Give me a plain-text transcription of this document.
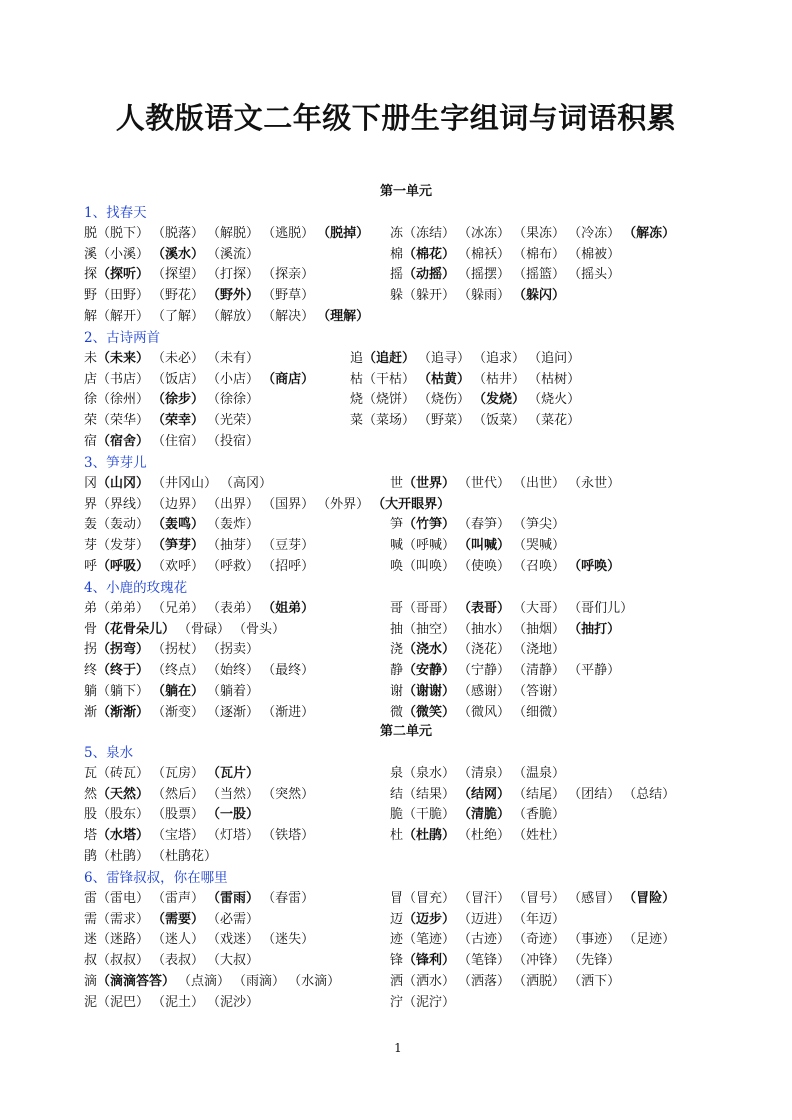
人教版语文二年级下册生字组词与词语积累
第一单元
1、找春天
脱（脱下） （脱落） （解脱） （逃脱） （脱掉） 冻（冻结） （冰冻） （果冻） （冷冻） （解冻）
溪（小溪） （溪水） （溪流）	棉（棉花） （棉袄） （棉布） （棉被）
探（探听） （探望） （打探） （探亲）	摇（动摇） （摇摆） （摇篮） （摇头）
野（田野） （野花） （野外） （野草）	躲（躲开） （躲雨） （躲闪）
解（解开） （了解） （解放） （解决） （理解）
2、古诗两首
未（未来） （未必） （未有）	追（追赶） （追寻） （追求） （追问）
店（书店） （饭店） （小店） （商店）	枯（干枯） （枯黄） （枯井） （枯树）
徐（徐州） （徐步） （徐徐）	烧（烧饼） （烧伤） （发烧） （烧火）
荣（荣华） （荣幸） （光荣）	菜（菜场） （野菜） （饭菜） （菜花）
宿（宿舍） （住宿） （投宿）
3、笋芽儿
冈（山冈） （井冈山） （高冈）	世（世界） （世代） （出世） （永世）
界（界线） （边界） （出界） （国界） （外界） （大开眼界）
轰（轰动） （轰鸣） （轰炸）	笋（竹笋） （春笋） （笋尖）
芽（发芽） （笋芽） （抽芽） （豆芽）	喊（呼喊） （叫喊） （哭喊）
呼（呼吸） （欢呼） （呼救） （招呼）	唤（叫唤） （使唤） （召唤） （呼唤）
4、小鹿的玫瑰花
弟（弟弟） （兄弟） （表弟） （姐弟）	哥（哥哥） （表哥） （大哥） （哥们儿）
骨（花骨朵儿） （骨碌） （骨头）	抽（抽空） （抽水） （抽烟） （抽打）
拐（拐弯） （拐杖） （拐卖）	浇（浇水） （浇花） （浇地）
终（终于） （终点） （始终） （最终）	静（安静） （宁静） （清静） （平静）
躺（躺下） （躺在） （躺着）	谢（谢谢） （感谢） （答谢）
渐（渐渐） （渐变） （逐渐） （渐进）	微（微笑） （微风） （细微）
第二单元
5、泉水
瓦（砖瓦） （瓦房） （瓦片）	泉（泉水） （清泉） （温泉）
然（天然） （然后） （当然） （突然）	结（结果） （结网） （结尾） （团结） （总结）
股（股东） （股票） （一股）	脆（干脆） （清脆） （香脆）
塔（水塔） （宝塔） （灯塔） （铁塔）	杜（杜鹃） （杜绝） （姓杜）
鹃（杜鹃） （杜鹃花）
6、雷锋叔叔，你在哪里
雷（雷电） （雷声） （雷雨） （春雷）	冒（冒充） （冒汗） （冒号） （感冒） （冒险）
需（需求） （需要） （必需）	迈（迈步） （迈进） （年迈）
迷（迷路） （迷人） （戏迷） （迷失）	迹（笔迹） （古迹） （奇迹） （事迹） （足迹）
叔（叔叔） （表叔） （大叔）	锋（锋利） （笔锋） （冲锋） （先锋）
滴（滴滴答答） （点滴） （雨滴） （水滴）	洒（洒水） （洒落） （洒脱） （洒下）
泥（泥巴） （泥土） （泥沙）	泞（泥泞）
1
